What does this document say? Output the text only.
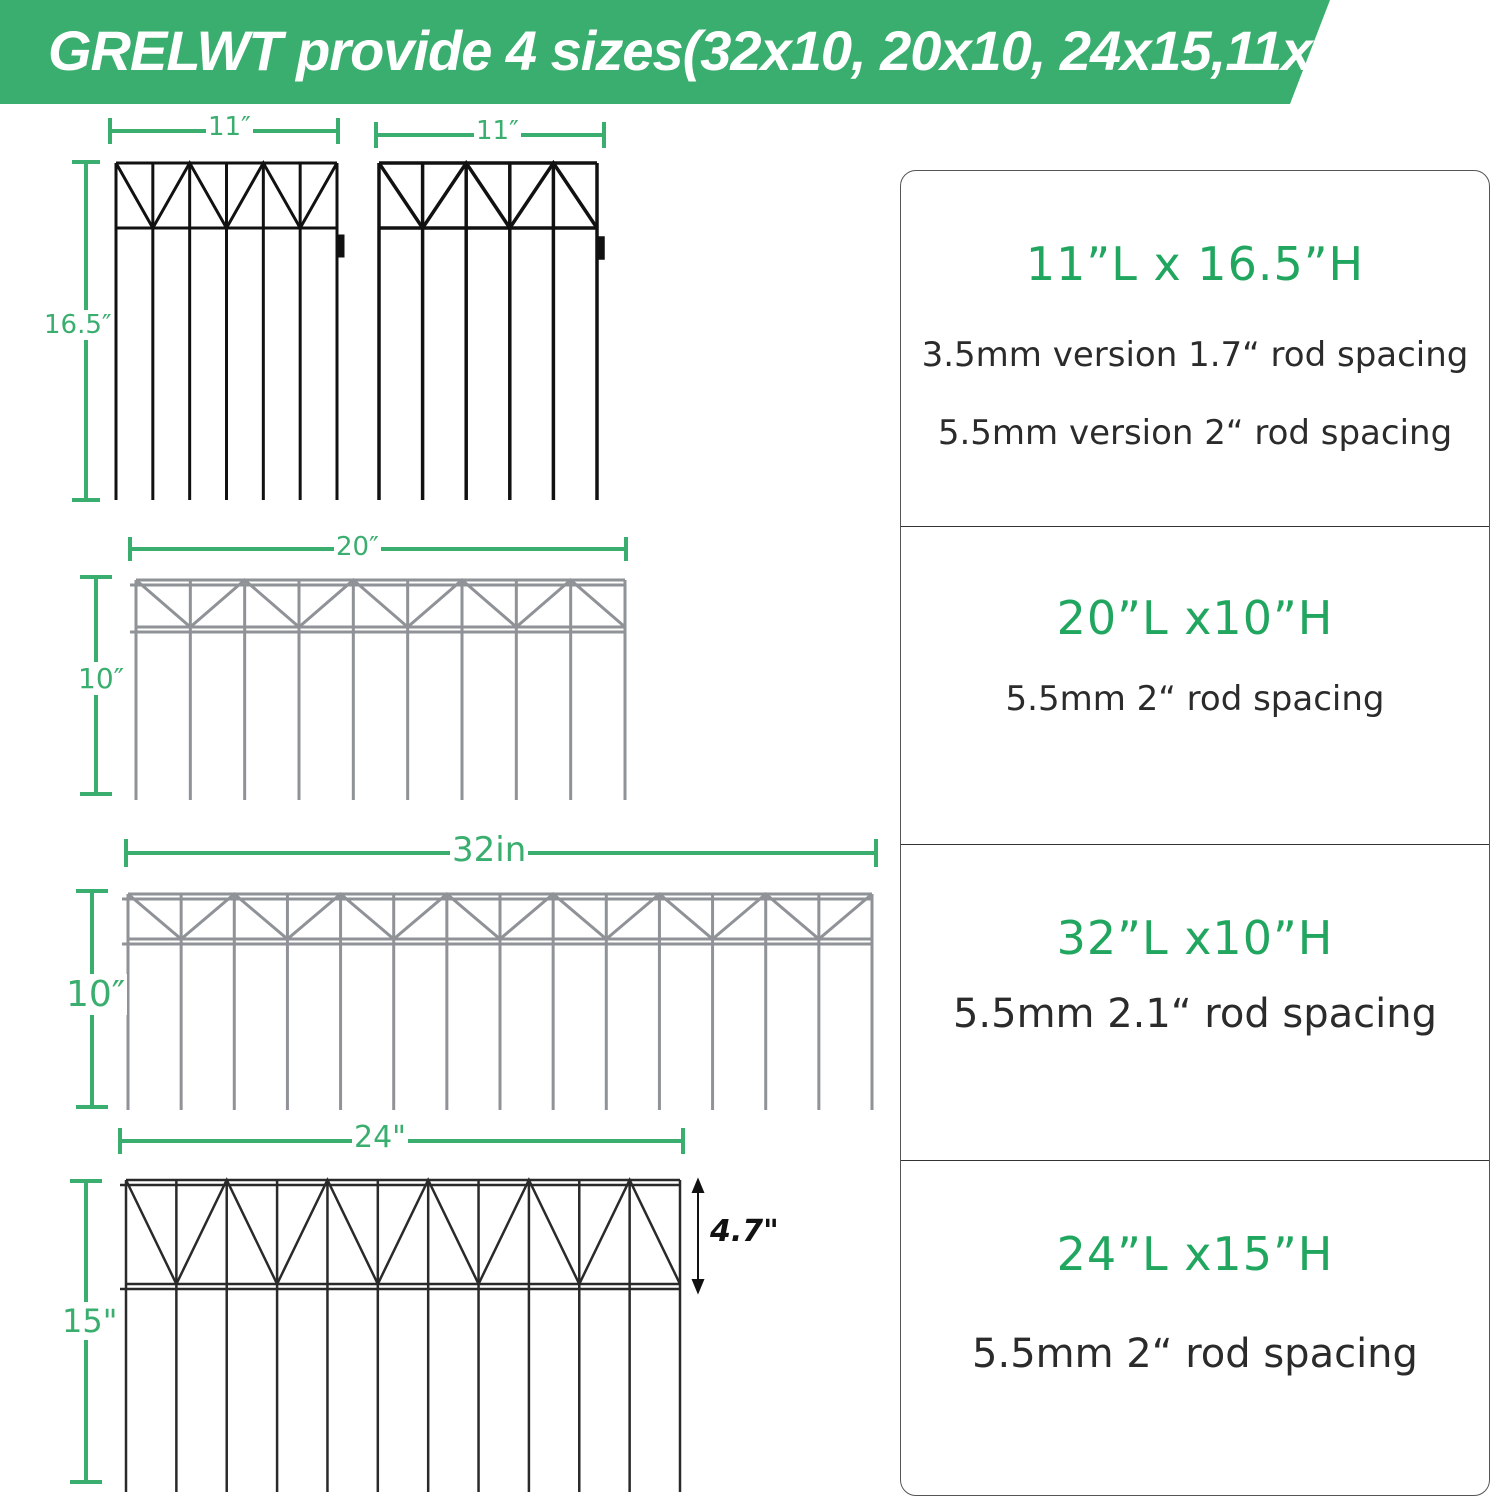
GRELWT provide 4 sizes(32x10, 20x10, 24x15,11x16.5)
11″	11″
16.5″
20″
10″
32in
10″
24"
15"
4.7"
11”L x 16.5”H
3.5mm version 1.7“ rod spacing
5.5mm version 2“ rod spacing
20”L x10”H
5.5mm 2“ rod spacing
32”L x10”H
5.5mm 2.1“ rod spacing
24”L x15”H
5.5mm 2“ rod spacing
